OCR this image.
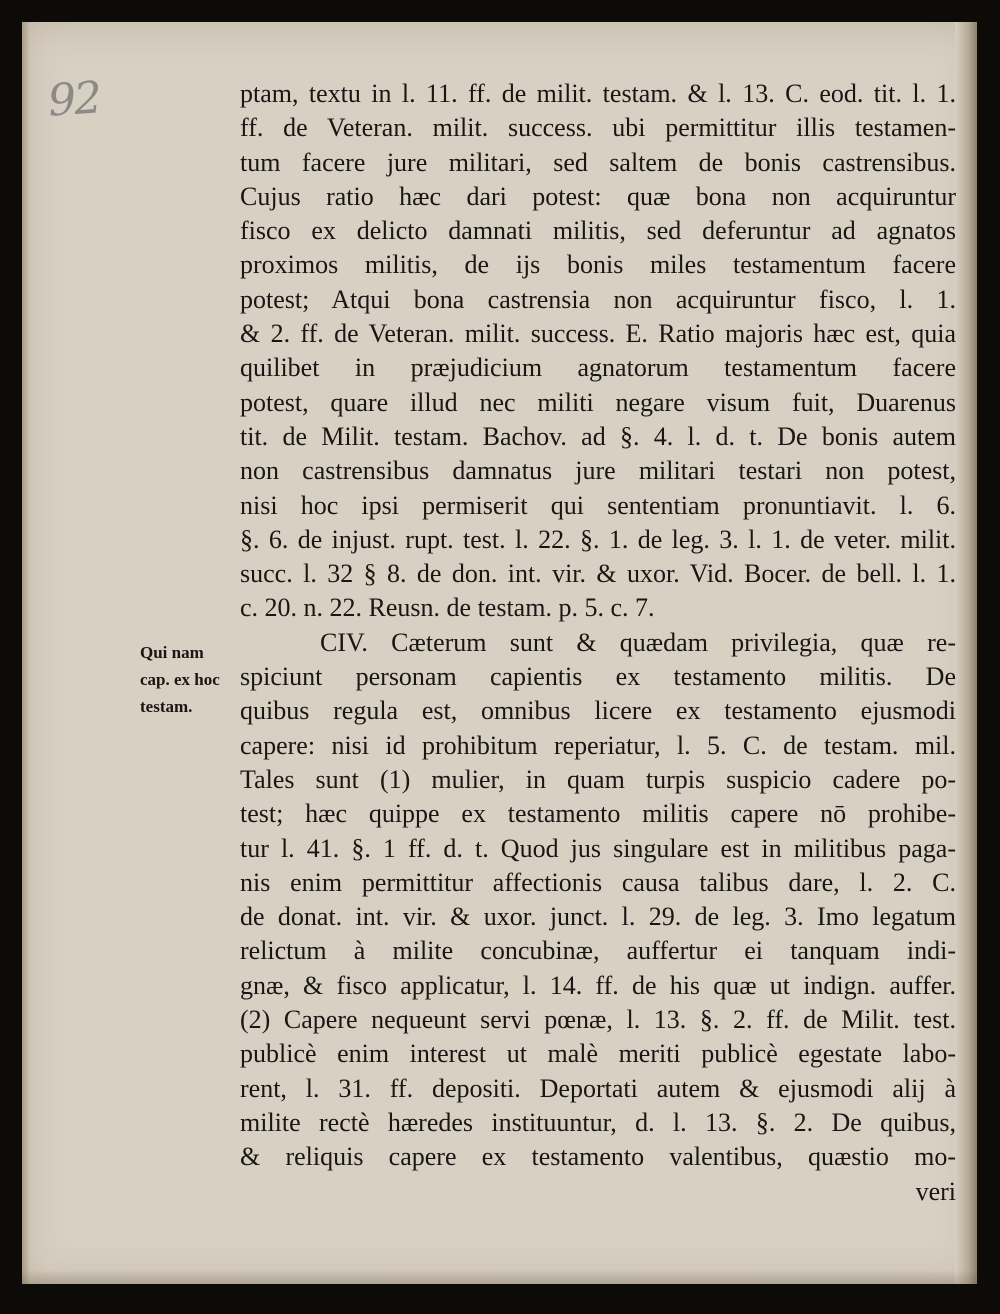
92
Qui nam
cap. ex hoc
testam.
ptam, textu in l. 11. ff. de milit. testam. & l. 13. C. eod. tit. l. 1.
ff. de Veteran. milit. success. ubi permittitur illis testamen-
tum facere jure militari, sed saltem de bonis castrensibus.
Cujus ratio hæc dari potest: quæ bona non acquiruntur
fisco ex delicto damnati militis, sed deferuntur ad agnatos
proximos militis, de ijs bonis miles testamentum facere
potest; Atqui bona castrensia non acquiruntur fisco, l. 1.
& 2. ff. de Veteran. milit. success. E. Ratio majoris hæc est, quia
quilibet in præjudicium agnatorum testamentum facere
potest, quare illud nec militi negare visum fuit, Duarenus
tit. de Milit. testam. Bachov. ad §. 4. l. d. t. De bonis autem
non castrensibus damnatus jure militari testari non potest,
nisi hoc ipsi permiserit qui sententiam pronuntiavit. l. 6.
§. 6. de injust. rupt. test. l. 22. §. 1. de leg. 3. l. 1. de veter. milit.
succ. l. 32 § 8. de don. int. vir. & uxor. Vid. Bocer. de bell. l. 1.
c. 20. n. 22. Reusn. de testam. p. 5. c. 7.
CIV. Cæterum sunt & quædam privilegia, quæ re-
spiciunt personam capientis ex testamento militis. De
quibus regula est, omnibus licere ex testamento ejusmodi
capere: nisi id prohibitum reperiatur, l. 5. C. de testam. mil.
Tales sunt (1) mulier, in quam turpis suspicio cadere po-
test; hæc quippe ex testamento militis capere nō prohibe-
tur l. 41. §. 1 ff. d. t. Quod jus singulare est in militibus paga-
nis enim permittitur affectionis causa talibus dare, l. 2. C.
de donat. int. vir. & uxor. junct. l. 29. de leg. 3. Imo legatum
relictum à milite concubinæ, auffertur ei tanquam indi-
gnæ, & fisco applicatur, l. 14. ff. de his quæ ut indign. auffer.
(2) Capere nequeunt servi pœnæ, l. 13. §. 2. ff. de Milit. test.
publicè enim interest ut malè meriti publicè egestate labo-
rent, l. 31. ff. depositi. Deportati autem & ejusmodi alij à
milite rectè hæredes instituuntur, d. l. 13. §. 2. De quibus,
& reliquis capere ex testamento valentibus, quæstio mo-
veri
